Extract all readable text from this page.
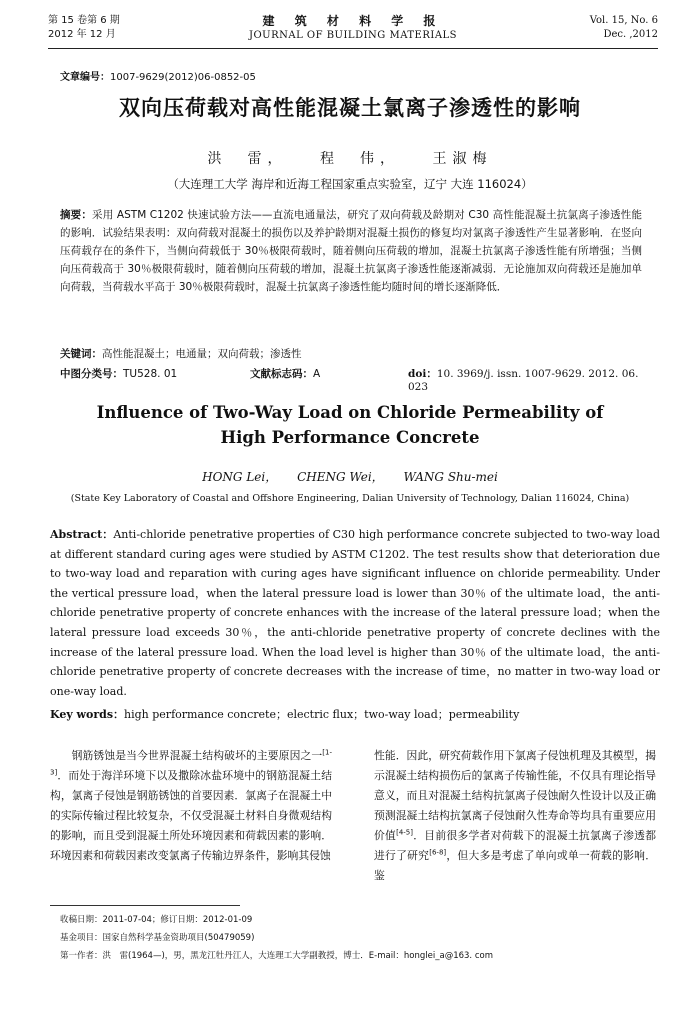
第 15 卷第 6 期
2012 年 12 月
建 筑 材 料 学 报
JOURNAL OF BUILDING MATERIALS
Vol. 15, No. 6
Dec. ,2012
文章编号：1007-9629(2012)06-0852-05
双向压荷载对高性能混凝土氯离子渗透性的影响
洪　雷， 程　伟， 王淑梅
（大连理工大学 海岸和近海工程国家重点实验室，辽宁 大连 116024）
摘要：采用 ASTM C1202 快速试验方法——直流电通量法，研究了双向荷载及龄期对 C30 高性能混凝土抗氯离子渗透性能的影响．试验结果表明：双向荷载对混凝土的损伤以及养护龄期对混凝土损伤的修复均对氯离子渗透性产生显著影响．在竖向压荷载存在的条件下，当侧向荷载低于 30％极限荷载时，随着侧向压荷载的增加，混凝土抗氯离子渗透性能有所增强；当侧向压荷载高于 30％极限荷载时，随着侧向压荷载的增加，混凝土抗氯离子渗透性能逐渐减弱．无论施加双向荷载还是施加单向荷载，当荷载水平高于 30％极限荷载时，混凝土抗氯离子渗透性能均随时间的增长逐渐降低．
关键词：高性能混凝土；电通量；双向荷载；渗透性
中图分类号：TU528. 01	文献标志码：A	doi：10. 3969/j. issn. 1007-9629. 2012. 06. 023
Influence of Two-Way Load on Chloride Permeability of
High Performance Concrete
HONG Lei， CHENG Wei， WANG Shu-mei
(State Key Laboratory of Coastal and Offshore Engineering, Dalian University of Technology, Dalian 116024, China)
Abstract：Anti-chloride penetrative properties of C30 high performance concrete subjected to two-way load at different standard curing ages were studied by ASTM C1202. The test results show that deterioration due to two-way load and reparation with curing ages have significant influence on chloride permeability. Under the vertical pressure load，when the lateral pressure load is lower than 30％ of the ultimate load，the anti-chloride penetrative property of concrete enhances with the increase of the lateral pressure load；when the lateral pressure load exceeds 30％，the anti-chloride penetrative property of concrete declines with the increase of the lateral pressure load. When the load level is higher than 30％ of the ultimate load，the anti-chloride penetrative property of concrete decreases with the increase of time，no matter in two-way load or one-way load.
Key words：high performance concrete；electric flux；two-way load；permeability
钢筋锈蚀是当今世界混凝土结构破坏的主要原因之一[1-3]．而处于海洋环境下以及撒除冰盐环境中的钢筋混凝土结构，氯离子侵蚀是钢筋锈蚀的首要因素．氯离子在混凝土中的实际传输过程比较复杂，不仅受混凝土材料自身微观结构的影响，而且受到混凝土所处环境因素和荷载因素的影响．环境因素和荷载因素改变氯离子传输边界条件，影响其侵蚀
性能．因此，研究荷载作用下氯离子侵蚀机理及其模型，揭示混凝土结构损伤后的氯离子传输性能，不仅具有理论指导意义，而且对混凝土结构抗氯离子侵蚀耐久性设计以及正确预测混凝土结构抗氯离子侵蚀耐久性寿命等均具有重要应用价值[4-5]．目前很多学者对荷载下的混凝土抗氯离子渗透都进行了研究[6-8]，但大多是考虑了单向或单一荷载的影响．鉴
收稿日期：2011-07-04；修订日期：2012-01-09
基金项目：国家自然科学基金资助项目(50479059)
第一作者：洪　雷(1964—)，男，黑龙江牡丹江人，大连理工大学副教授，博士．E-mail：honglei_a@163. com
